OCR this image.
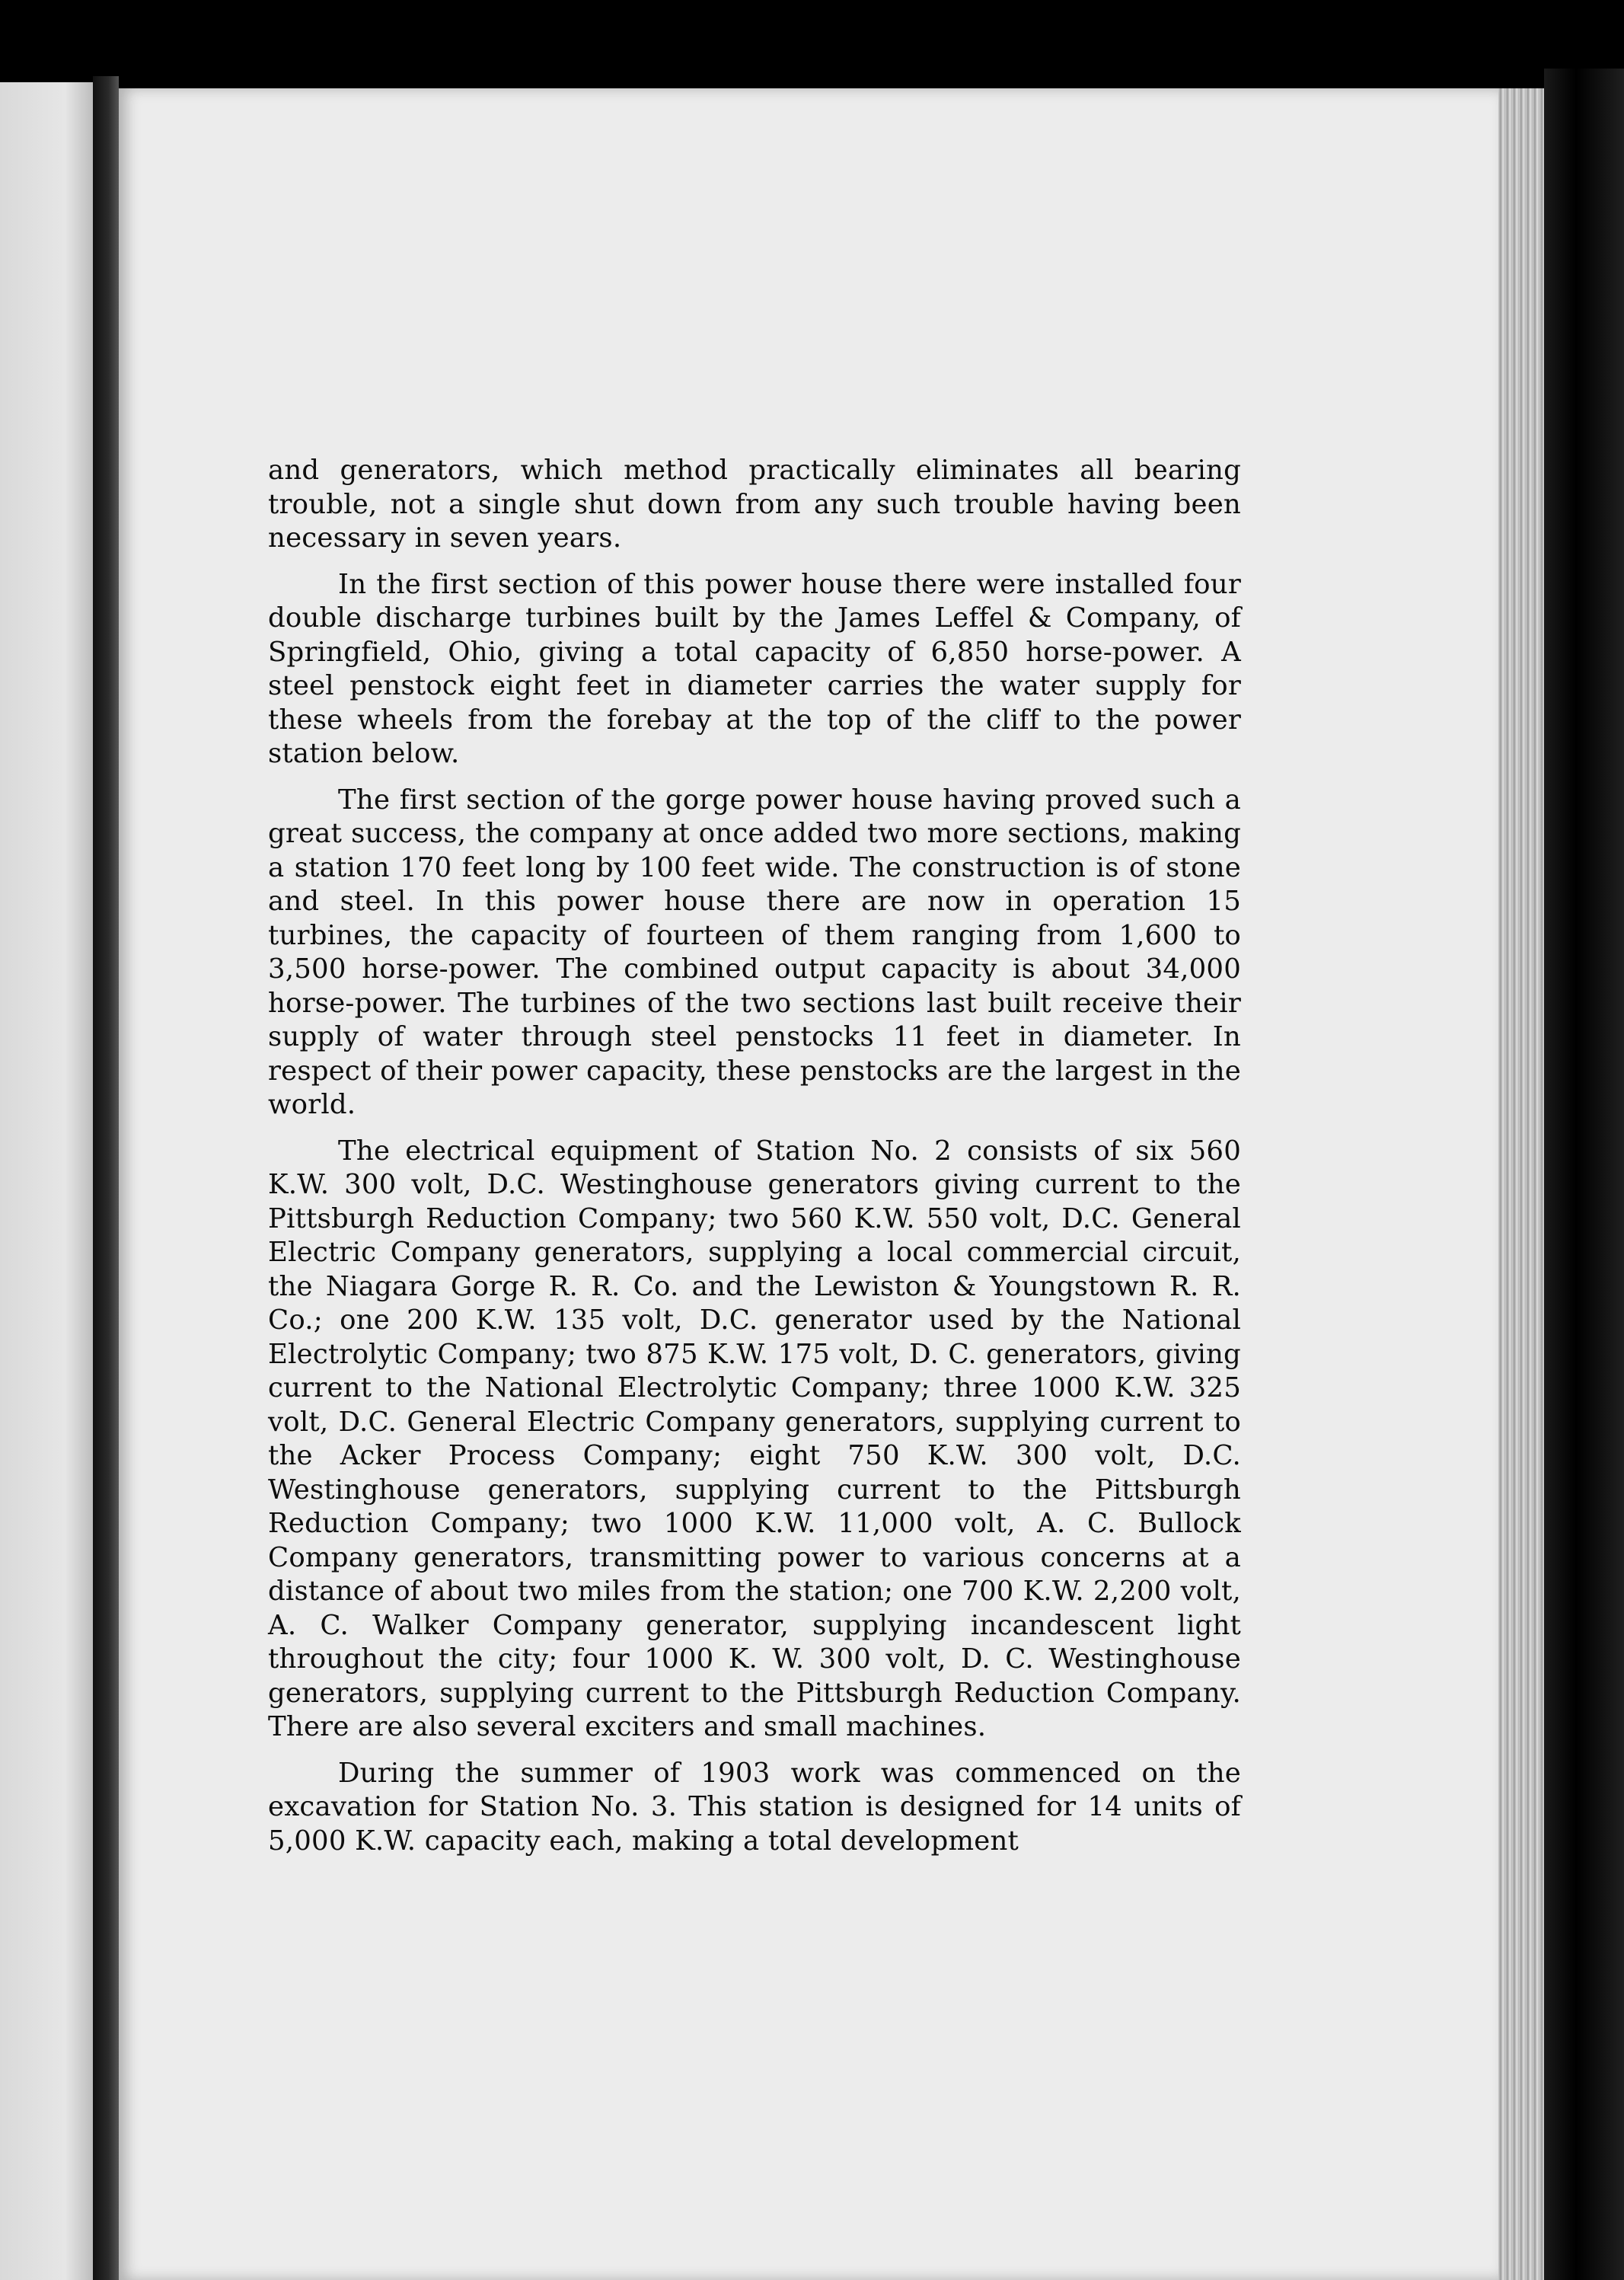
and generators, which method practically eliminates all bearing trouble, not a single shut down from any such trouble having been necessary in seven years.

In the first section of this power house there were installed four double discharge turbines built by the James Leffel & Company, of Springfield, Ohio, giving a total capacity of 6,850 horse-power. A steel penstock eight feet in diameter carries the water supply for these wheels from the forebay at the top of the cliff to the power station below.

The first section of the gorge power house having proved such a great success, the company at once added two more sections, making a station 170 feet long by 100 feet wide. The construction is of stone and steel. In this power house there are now in operation 15 turbines, the capacity of fourteen of them ranging from 1,600 to 3,500 horse-power. The combined output capacity is about 34,000 horse-power. The turbines of the two sections last built receive their supply of water through steel penstocks 11 feet in diameter. In respect of their power capacity, these penstocks are the largest in the world.

The electrical equipment of Station No. 2 consists of six 560 K.W. 300 volt, D.C. Westinghouse generators giving current to the Pittsburgh Reduction Company; two 560 K.W. 550 volt, D.C. General Electric Company generators, supplying a local commercial circuit, the Niagara Gorge R. R. Co. and the Lewiston & Youngstown R. R. Co.; one 200 K.W. 135 volt, D.C. generator used by the National Electrolytic Company; two 875 K.W. 175 volt, D. C. generators, giving current to the National Electrolytic Company; three 1000 K.W. 325 volt, D.C. General Electric Company generators, supplying current to the Acker Process Company; eight 750 K.W. 300 volt, D.C. Westinghouse generators, supplying current to the Pittsburgh Reduction Company; two 1000 K.W. 11,000 volt, A. C. Bullock Company generators, transmitting power to various concerns at a distance of about two miles from the station; one 700 K.W. 2,200 volt, A. C. Walker Company generator, supplying incandescent light throughout the city; four 1000 K. W. 300 volt, D. C. Westinghouse generators, supplying current to the Pittsburgh Reduction Company. There are also several exciters and small machines.

During the summer of 1903 work was commenced on the excavation for Station No. 3. This station is designed for 14 units of 5,000 K.W. capacity each, making a total development
